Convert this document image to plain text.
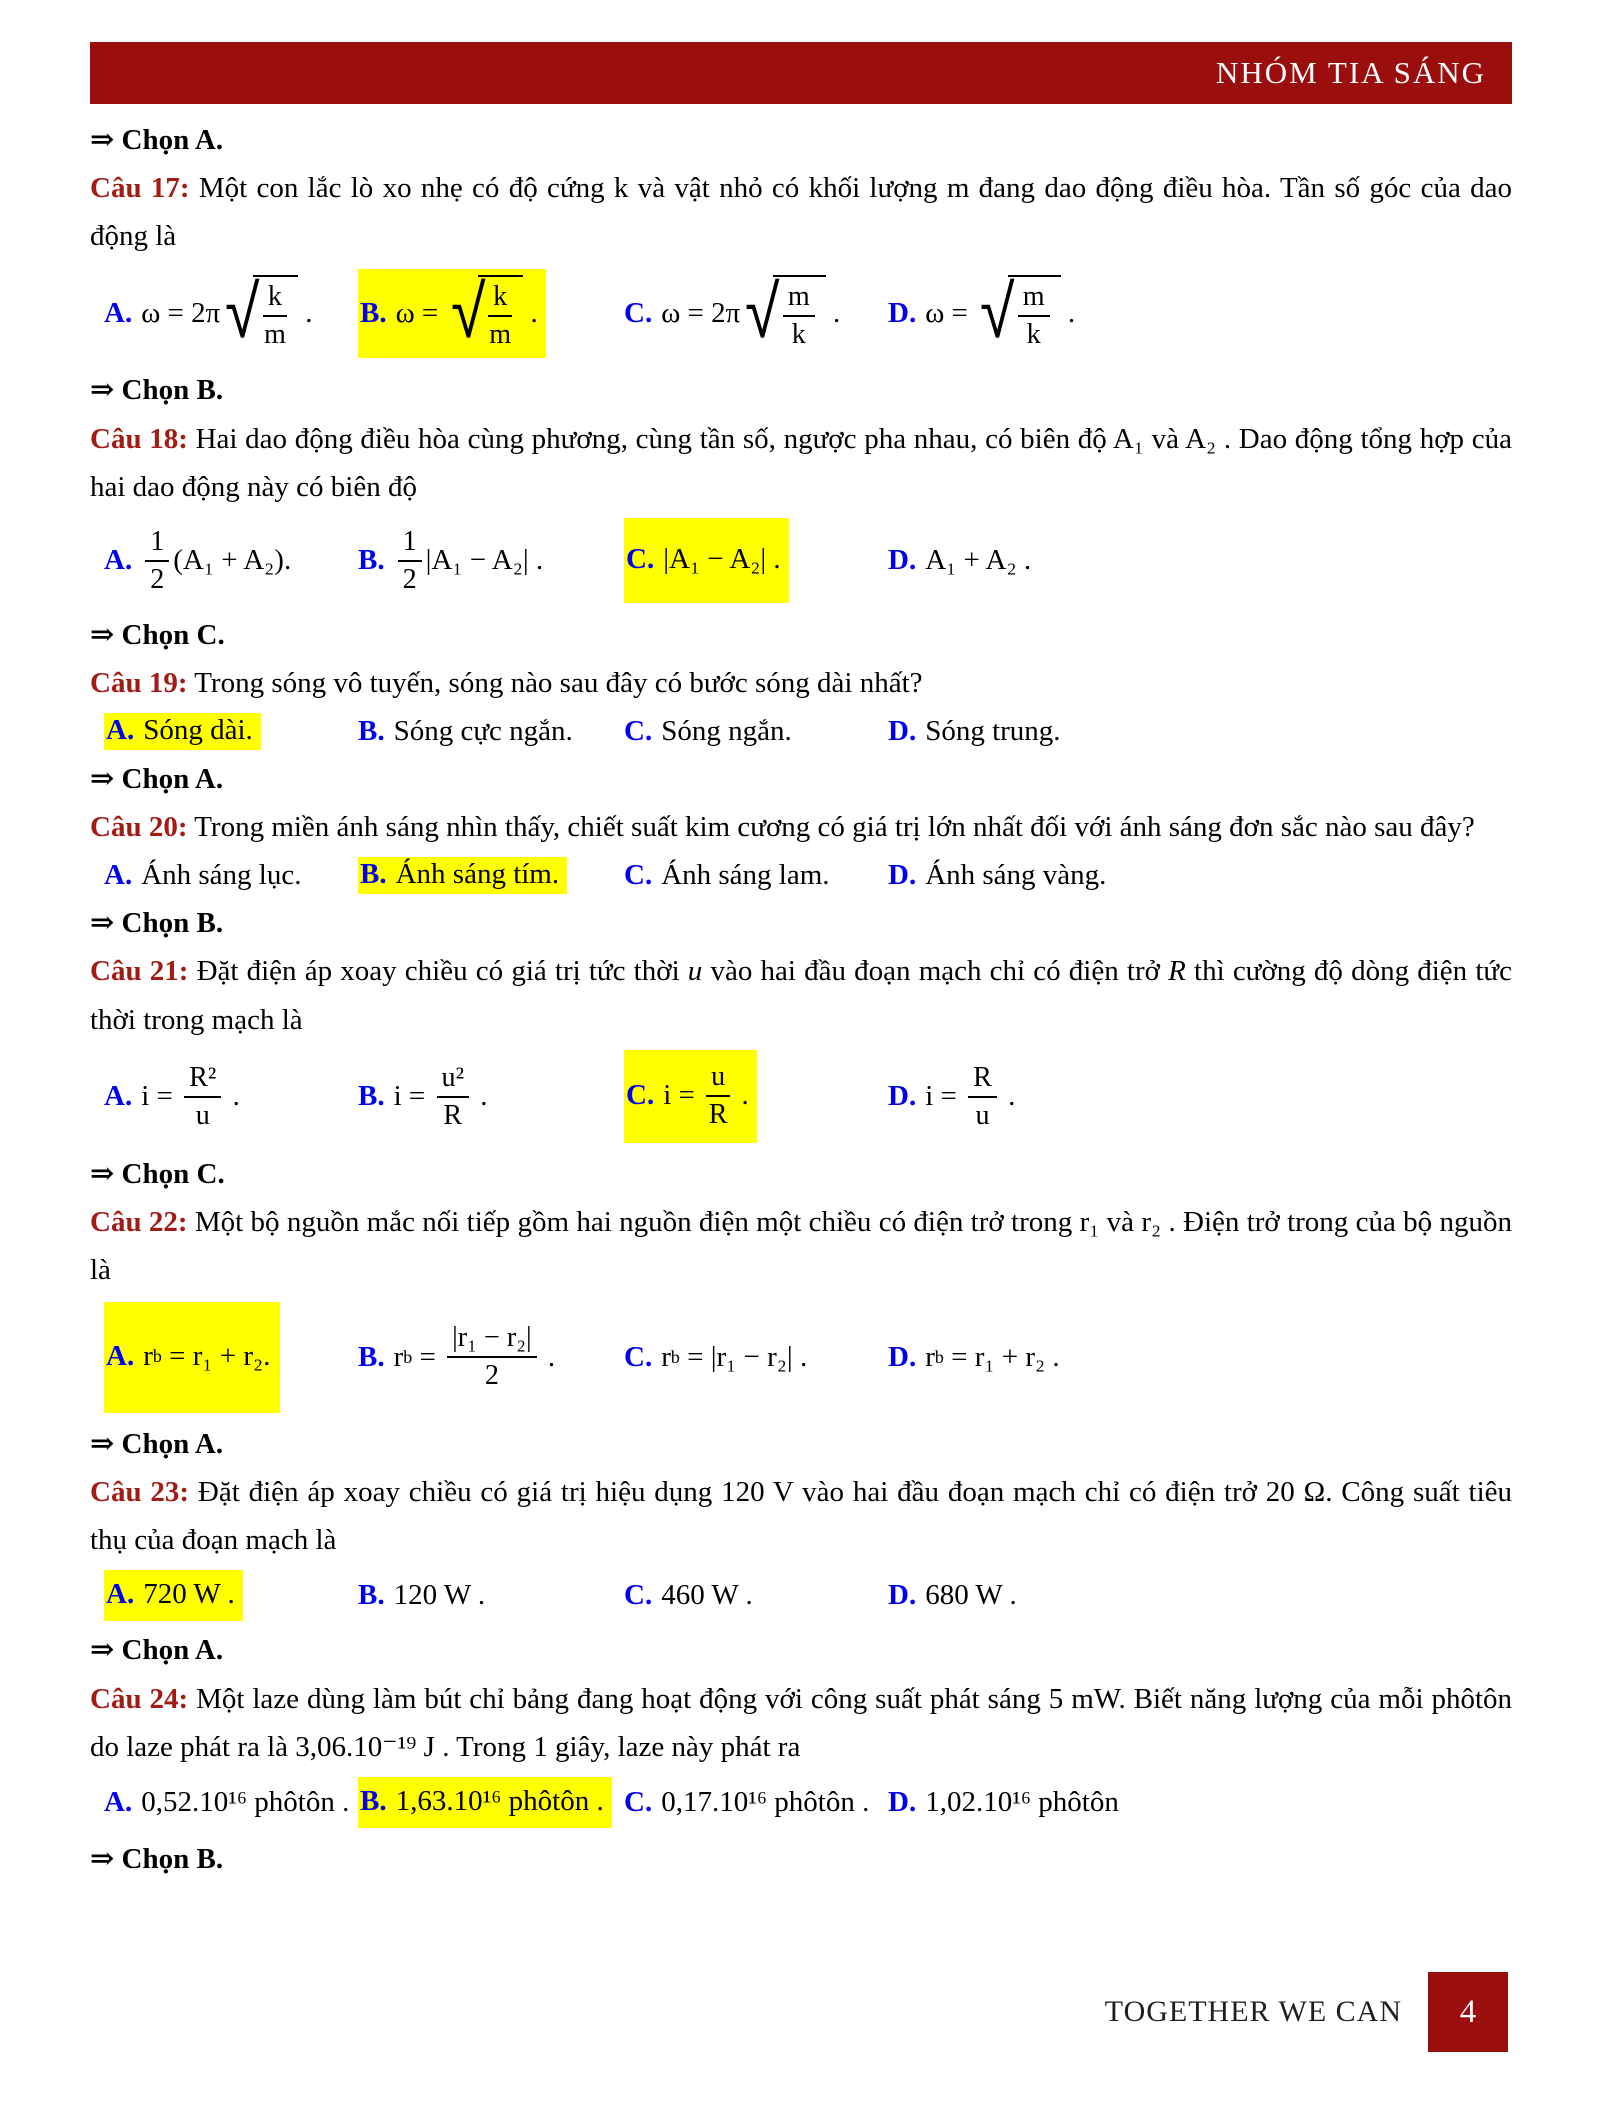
NHÓM TIA SÁNG

⇒ Chọn A.

Câu 17: Một con lắc lò xo nhẹ có độ cứng k và vật nhỏ có khối lượng m đang dao động điều hòa. Tần số góc của dao động là

A. ω = 2π √ $\frac{k}{m}$ . B. ω = √ $\frac{k}{m}$ .	C. ω = 2π √ $\frac{m}{k}$ . D. ω = √ $\frac{m}{k}$ .

⇒ Chọn B.

Câu 18: Hai dao động điều hòa cùng phương, cùng tần số, ngược pha nhau, có biên độ A₁ và A₂ . Dao động tổng hợp của hai dao động này có biên độ

A. $\frac{1}{2} (A_1 + A_2)$. B. $\frac{1}{2} |A_1 - A_2|$ .	C. |A₁ − A₂| .	D. A₁ + A₂ .

⇒ Chọn C.

Câu 19: Trong sóng vô tuyến, sóng nào sau đây có bước sóng dài nhất?

A. Sóng dài.	B. Sóng cực ngắn. C. Sóng ngắn.	D. Sóng trung.

⇒ Chọn A.

Câu 20: Trong miền ánh sáng nhìn thấy, chiết suất kim cương có giá trị lớn nhất đối với ánh sáng đơn sắc nào sau đây?

A. Ánh sáng lục. B. Ánh sáng tím. C. Ánh sáng lam. D. Ánh sáng vàng.

⇒ Chọn B.

Câu 21: Đặt điện áp xoay chiều có giá trị tức thời u vào hai đầu đoạn mạch chỉ có điện trở R thì cường độ dòng điện tức thời trong mạch là

A. $i = \frac{\text{R²}}{u}$ .	B. $i = \frac{\text{u²}}{R}$ .	C. $i = \frac{u}{R}$ .	D. $i = \frac{R}{u}$ .

⇒ Chọn C.

Câu 22: Một bộ nguồn mắc nối tiếp gồm hai nguồn điện một chiều có điện trở trong r₁ và r₂ . Điện trở trong của bộ nguồn là

A. r b = r₁ + r₂.	B. r $b = \frac{\text{|r₁ − r₂|}}{2}$ . C. r b = |r₁ − r₂| .	D. r b = r₁ + r₂ .

⇒ Chọn A.

Câu 23: Đặt điện áp xoay chiều có giá trị hiệu dụng 120 V vào hai đầu đoạn mạch chỉ có điện trở 20 Ω. Công suất tiêu thụ của đoạn mạch là

A. 720 W .	B. 120 W .	C. 460 W .	D. 680 W .

⇒ Chọn A.

Câu 24: Một laze dùng làm bút chỉ bảng đang hoạt động với công suất phát sáng 5 mW. Biết năng lượng của mỗi phôtôn do laze phát ra là 3,06.10⁻¹⁹ J . Trong 1 giây, laze này phát ra

A. 0,52.10¹⁶ phôtôn . B. 1,63.10¹⁶ phôtôn . C. 0,17.10¹⁶ phôtôn . D. 1,02.10¹⁶ phôtôn

⇒ Chọn B.

TOGETHER WE CAN 4
